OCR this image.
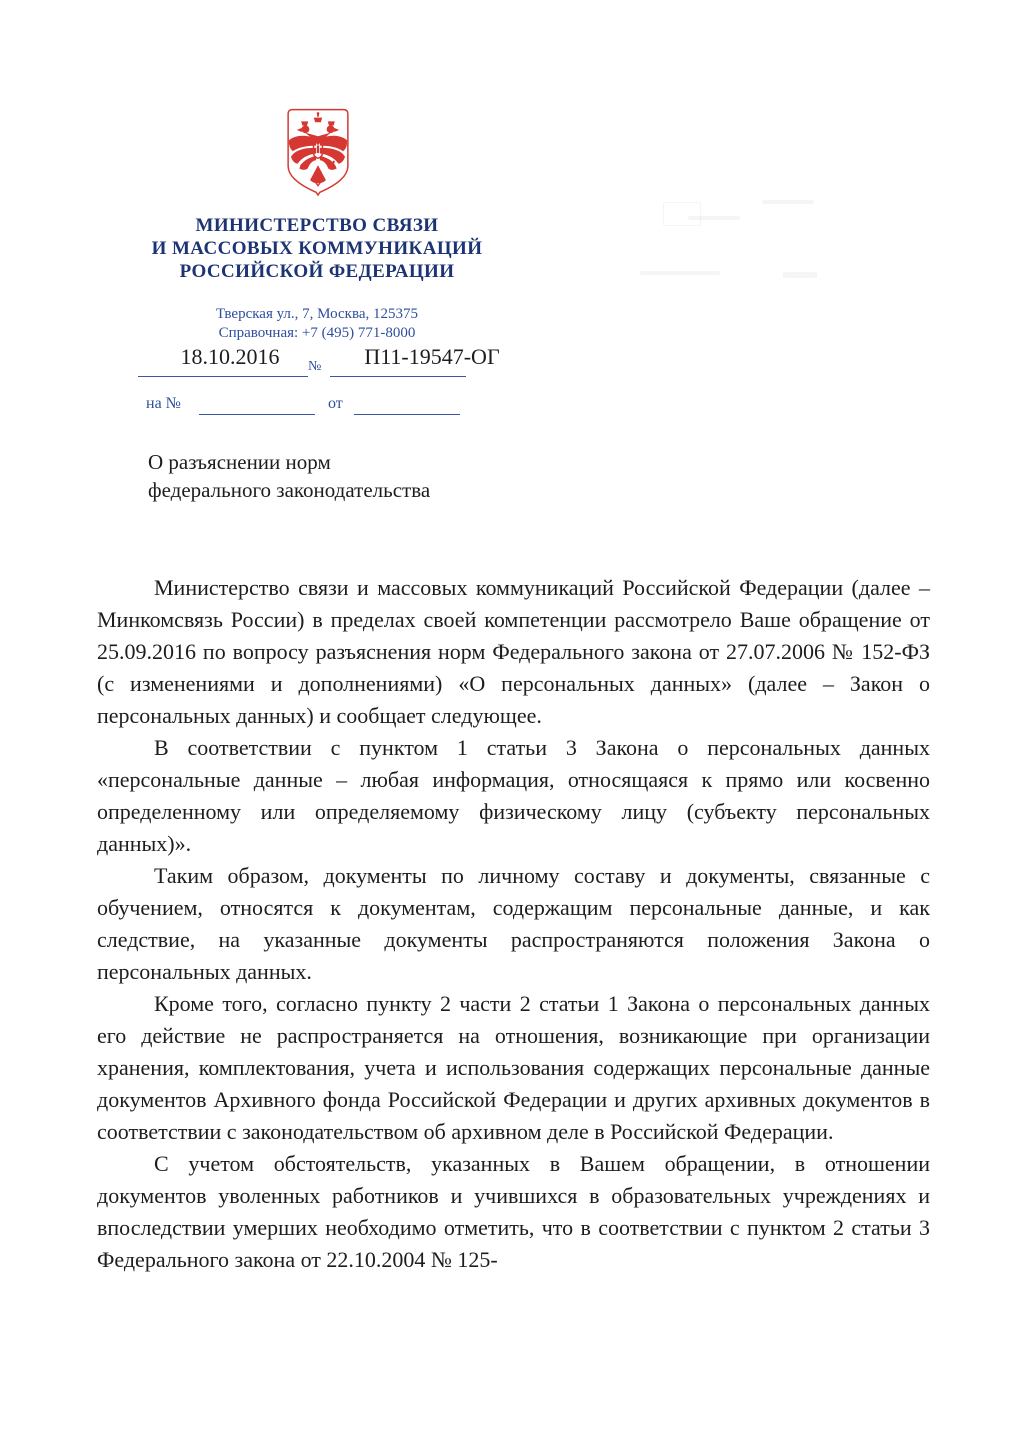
МИНИСТЕРСТВО СВЯЗИ
И МАССОВЫХ КОММУНИКАЦИЙ
РОССИЙСКОЙ ФЕДЕРАЦИИ
Тверская ул., 7, Москва, 125375
Справочная: +7 (495) 771-8000
18.10.2016	№	П11-19547-ОГ
на №	от
О разъяснении норм
федерального законодательства

Министерство связи и массовых коммуникаций Российской Федерации (далее – Минкомсвязь России) в пределах своей компетенции рассмотрело Ваше обращение от 25.09.2016 по вопросу разъяснения норм Федерального закона от 27.07.2006 № 152-ФЗ (с изменениями и дополнениями) «О персональных данных» (далее – Закон о персональных данных) и сообщает следующее.

В соответствии с пунктом 1 статьи 3 Закона о персональных данных «персональные данные – любая информация, относящаяся к прямо или косвенно определенному или определяемому физическому лицу (субъекту персональных данных)».

Таким образом, документы по личному составу и документы, связанные с обучением, относятся к документам, содержащим персональные данные, и как следствие, на указанные документы распространяются положения Закона о персональных данных.

Кроме того, согласно пункту 2 части 2 статьи 1 Закона о персональных данных его действие не распространяется на отношения, возникающие при организации хранения, комплектования, учета и использования содержащих персональные данные документов Архивного фонда Российской Федерации и других архивных документов в соответствии с законодательством об архивном деле в Российской Федерации.

С учетом обстоятельств, указанных в Вашем обращении, в отношении документов уволенных работников и учившихся в образовательных учреждениях и впоследствии умерших необходимо отметить, что в соответствии с пунктом 2 статьи 3 Федерального закона от 22.10.2004 № 125-
